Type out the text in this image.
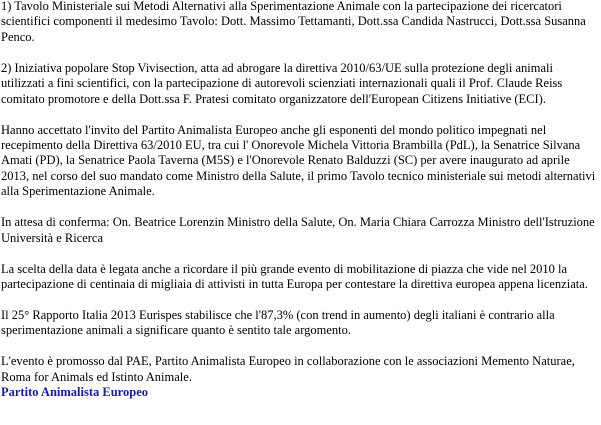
1) Tavolo Ministeriale sui Metodi Alternativi alla Sperimentazione Animale con la partecipazione dei ricercatori scientifici componenti il medesimo Tavolo: Dott. Massimo Tettamanti, Dott.ssa Candida Nastrucci, Dott.ssa Susanna Penco.

2) Iniziativa popolare Stop Vivisection, atta ad abrogare la direttiva 2010/63/UE sulla protezione degli animali utilizzati a fini scientifici, con la partecipazione di autorevoli scienziati internazionali quali il Prof. Claude Reiss comitato promotore e della Dott.ssa F. Pratesi comitato organizzatore dell'European Citizens Initiative (ECI).

Hanno accettato l'invito del Partito Animalista Europeo anche gli esponenti del mondo politico impegnati nel recepimento della Direttiva 63/2010 EU, tra cui l' Onorevole Michela Vittoria Brambilla (PdL), la Senatrice Silvana Amati (PD), la Senatrice Paola Taverna (M5S) e l'Onorevole Renato Balduzzi (SC) per avere inaugurato ad aprile 2013, nel corso del suo mandato come Ministro della Salute, il primo Tavolo tecnico ministeriale sui metodi alternativi alla Sperimentazione Animale.

In attesa di conferma: On. Beatrice Lorenzin Ministro della Salute, On. Maria Chiara Carrozza Ministro dell'Istruzione Università e Ricerca

La scelta della data è legata anche a ricordare il più grande evento di mobilitazione di piazza che vide nel 2010 la partecipazione di centinaia di migliaia di attivisti in tutta Europa per contestare la direttiva europea appena licenziata.

Il 25° Rapporto Italia 2013 Eurispes stabilisce che l'87,3% (con trend in aumento) degli italiani è contrario alla sperimentazione animali a significare quanto è sentito tale argomento.

L'evento è promosso dal PAE, Partito Animalista Europeo in collaborazione con le associazioni Memento Naturae, Roma for Animals ed Istinto Animale.

Partito Animalista Europeo
